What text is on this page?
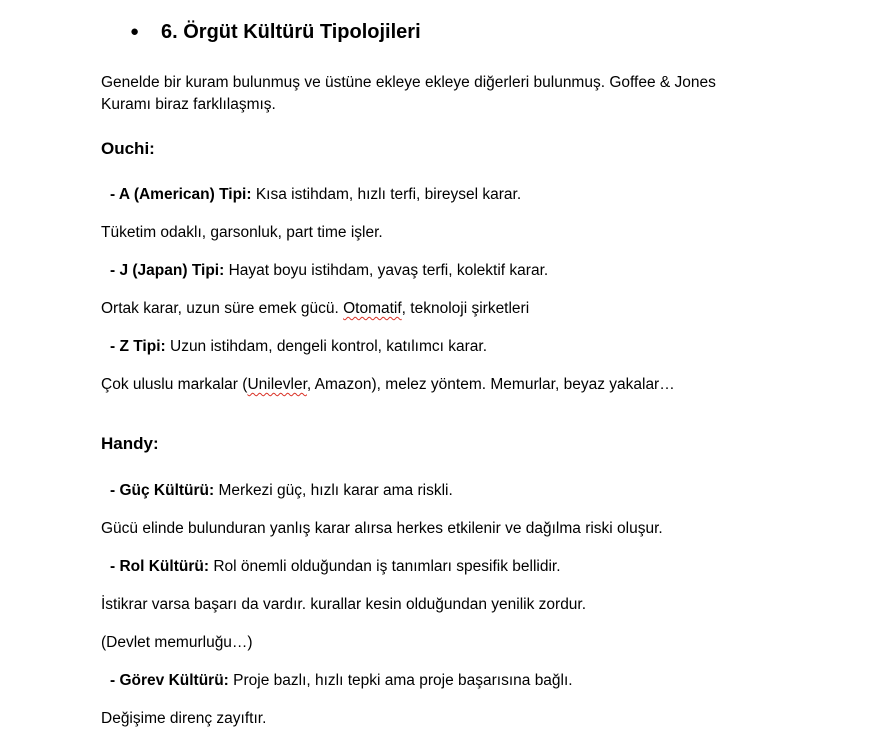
● 6. Örgüt Kültürü Tipolojileri
Genelde bir kuram bulunmuş ve üstüne ekleye ekleye diğerleri bulunmuş. Goffee & Jones
Kuramı biraz farklılaşmış.
Ouchi:
- A (American) Tipi: Kısa istihdam, hızlı terfi, bireysel karar.
Tüketim odaklı, garsonluk, part time işler.
- J (Japan) Tipi: Hayat boyu istihdam, yavaş terfi, kolektif karar.
Ortak karar, uzun süre emek gücü. Otomatif, teknoloji şirketleri
- Z Tipi: Uzun istihdam, dengeli kontrol, katılımcı karar.
Çok uluslu markalar (Unilevler, Amazon), melez yöntem. Memurlar, beyaz yakalar…
Handy:
- Güç Kültürü: Merkezi güç, hızlı karar ama riskli.
Gücü elinde bulunduran yanlış karar alırsa herkes etkilenir ve dağılma riski oluşur.
- Rol Kültürü: Rol önemli olduğundan iş tanımları spesifik bellidir.
İstikrar varsa başarı da vardır. kurallar kesin olduğundan yenilik zordur.
(Devlet memurluğu…)
- Görev Kültürü: Proje bazlı, hızlı tepki ama proje başarısına bağlı.
Değişime direnç zayıftır.
